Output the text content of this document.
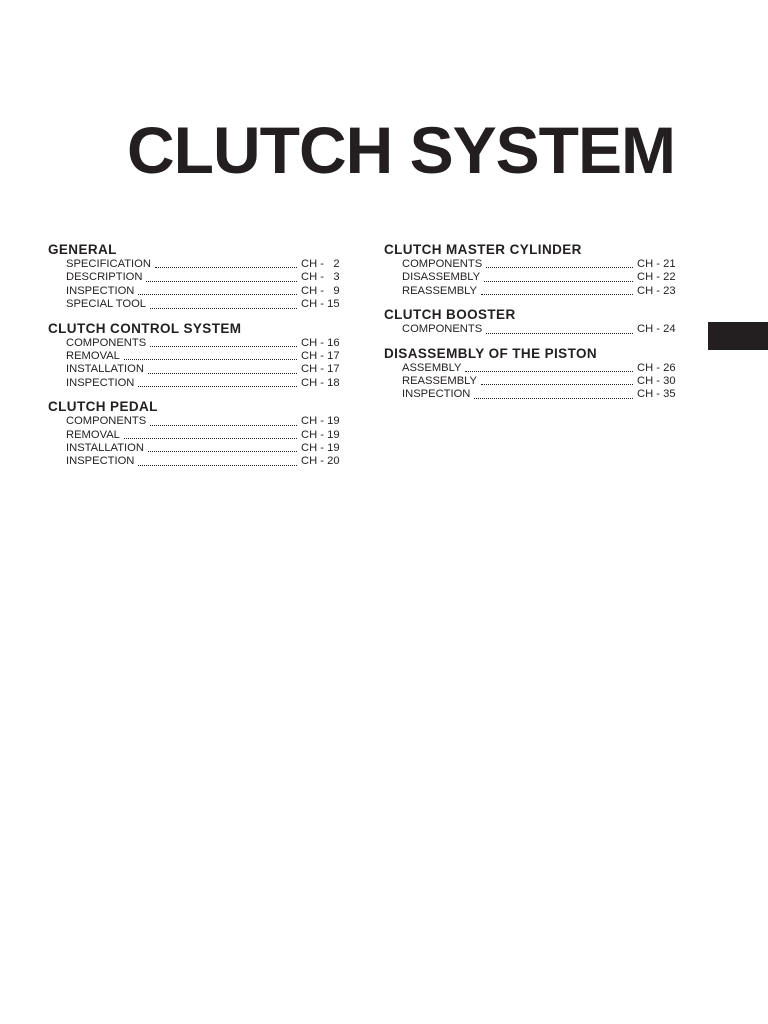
CLUTCH SYSTEM
GENERAL
SPECIFICATION	CH -   2
DESCRIPTION	CH -   3
INSPECTION	CH -   9
SPECIAL TOOL	CH - 15
CLUTCH CONTROL SYSTEM
COMPONENTS	CH - 16
REMOVAL	CH - 17
INSTALLATION	CH - 17
INSPECTION	CH - 18
CLUTCH PEDAL
COMPONENTS	CH - 19
REMOVAL	CH - 19
INSTALLATION	CH - 19
INSPECTION	CH - 20
CLUTCH MASTER CYLINDER
COMPONENTS	CH - 21
DISASSEMBLY	CH - 22
REASSEMBLY	CH - 23
CLUTCH BOOSTER
COMPONENTS	CH - 24
DISASSEMBLY OF THE PISTON
ASSEMBLY	CH - 26
REASSEMBLY	CH - 30
INSPECTION	CH - 35
